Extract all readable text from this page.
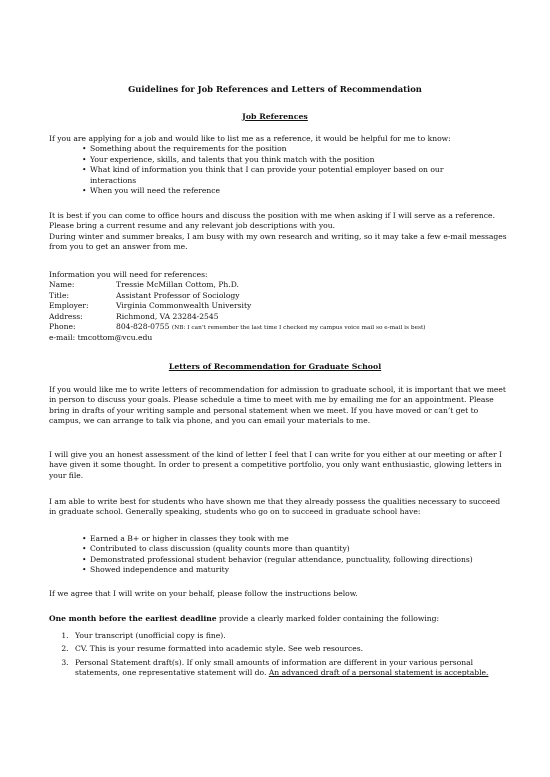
Guidelines for Job References and Letters of Recommendation
Job References

If you are applying for a job and would like to list me as a reference, it would be helpful for me to know:

• Something about the requirements for the position
• Your experience, skills, and talents that you think match with the position
• What kind of information you think that I can provide your potential employer based on our interactions
• When you will need the reference

It is best if you can come to office hours and discuss the position with me when asking if I will serve as a reference. Please bring a current resume and any relevant job descriptions with you.

During winter and summer breaks, I am busy with my own research and writing, so it may take a few e-mail messages from you to get an answer from me.

Information you will need for references:

Name:	Tressie McMillan Cottom, Ph.D.
Title:	Assistant Professor of Sociology
Employer:	Virginia Commonwealth University
Address:	Richmond, VA 23284-2545
Phone:	804-828-0755 (NB: I can’t remember the last time I checked my campus voice mail so e-mail is best)

e-mail: tmcottom@vcu.edu

Letters of Recommendation for Graduate School
If you would like me to write letters of recommendation for admission to graduate school, it is important that we meet in person to discuss your goals. Please schedule a time to meet with me by emailing me for an appointment. Please bring in drafts of your writing sample and personal statement when we meet. If you have moved or can’t get to campus, we can arrange to talk via phone, and you can email your materials to me.
I will give you an honest assessment of the kind of letter I feel that I can write for you either at our meeting or after I have given it some thought. In order to present a competitive portfolio, you only want enthusiastic, glowing letters in your file.
I am able to write best for students who have shown me that they already possess the qualities necessary to succeed in graduate school. Generally speaking, students who go on to succeed in graduate school have:
• Earned a B+ or higher in classes they took with me
• Contributed to class discussion (quality counts more than quantity)
• Demonstrated professional student behavior (regular attendance, punctuality, following directions)
• Showed independence and maturity
If we agree that I will write on your behalf, please follow the instructions below.
One month before the earliest deadline provide a clearly marked folder containing the following:
1. Your transcript (unofficial copy is fine).
2. CV. This is your resume formatted into academic style. See web resources.
3. Personal Statement draft(s). If only small amounts of information are different in your various personal statements, one representative statement will do. An advanced draft of a personal statement is acceptable.
